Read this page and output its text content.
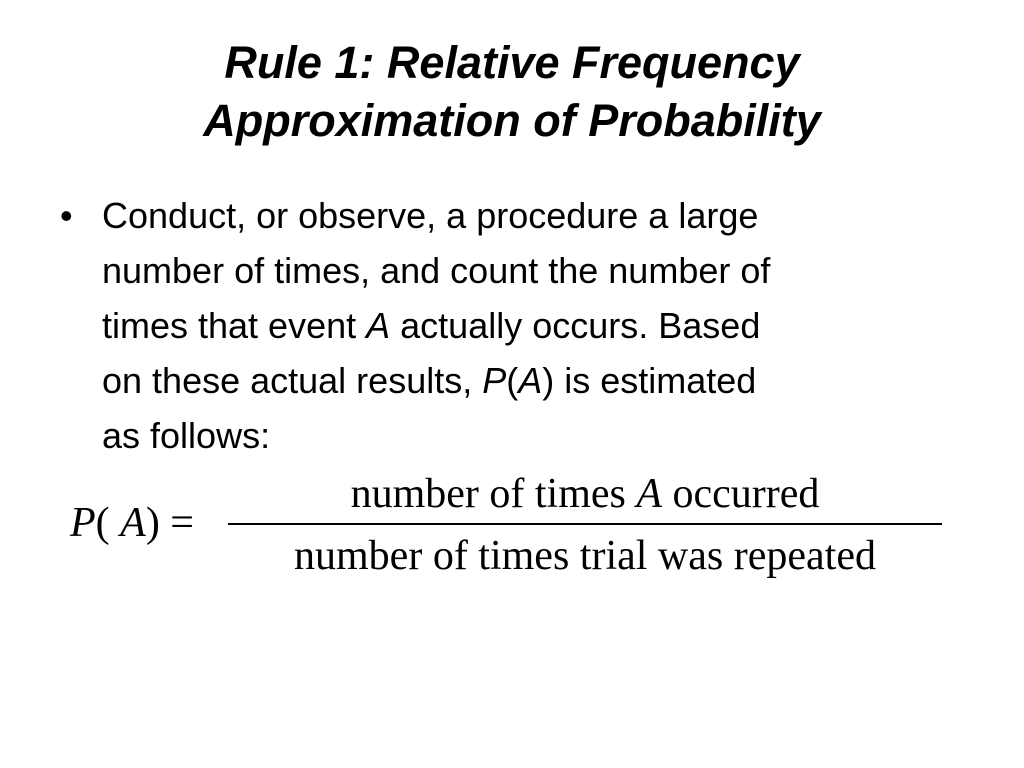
Rule 1: Relative Frequency
Approximation of Probability
• Conduct, or observe, a procedure a large
number of times, and count the number of
times that event A actually occurs. Based
on these actual results, P(A) is estimated
as follows:
P( A) =
number of times A occurred
number of times trial was repeated
